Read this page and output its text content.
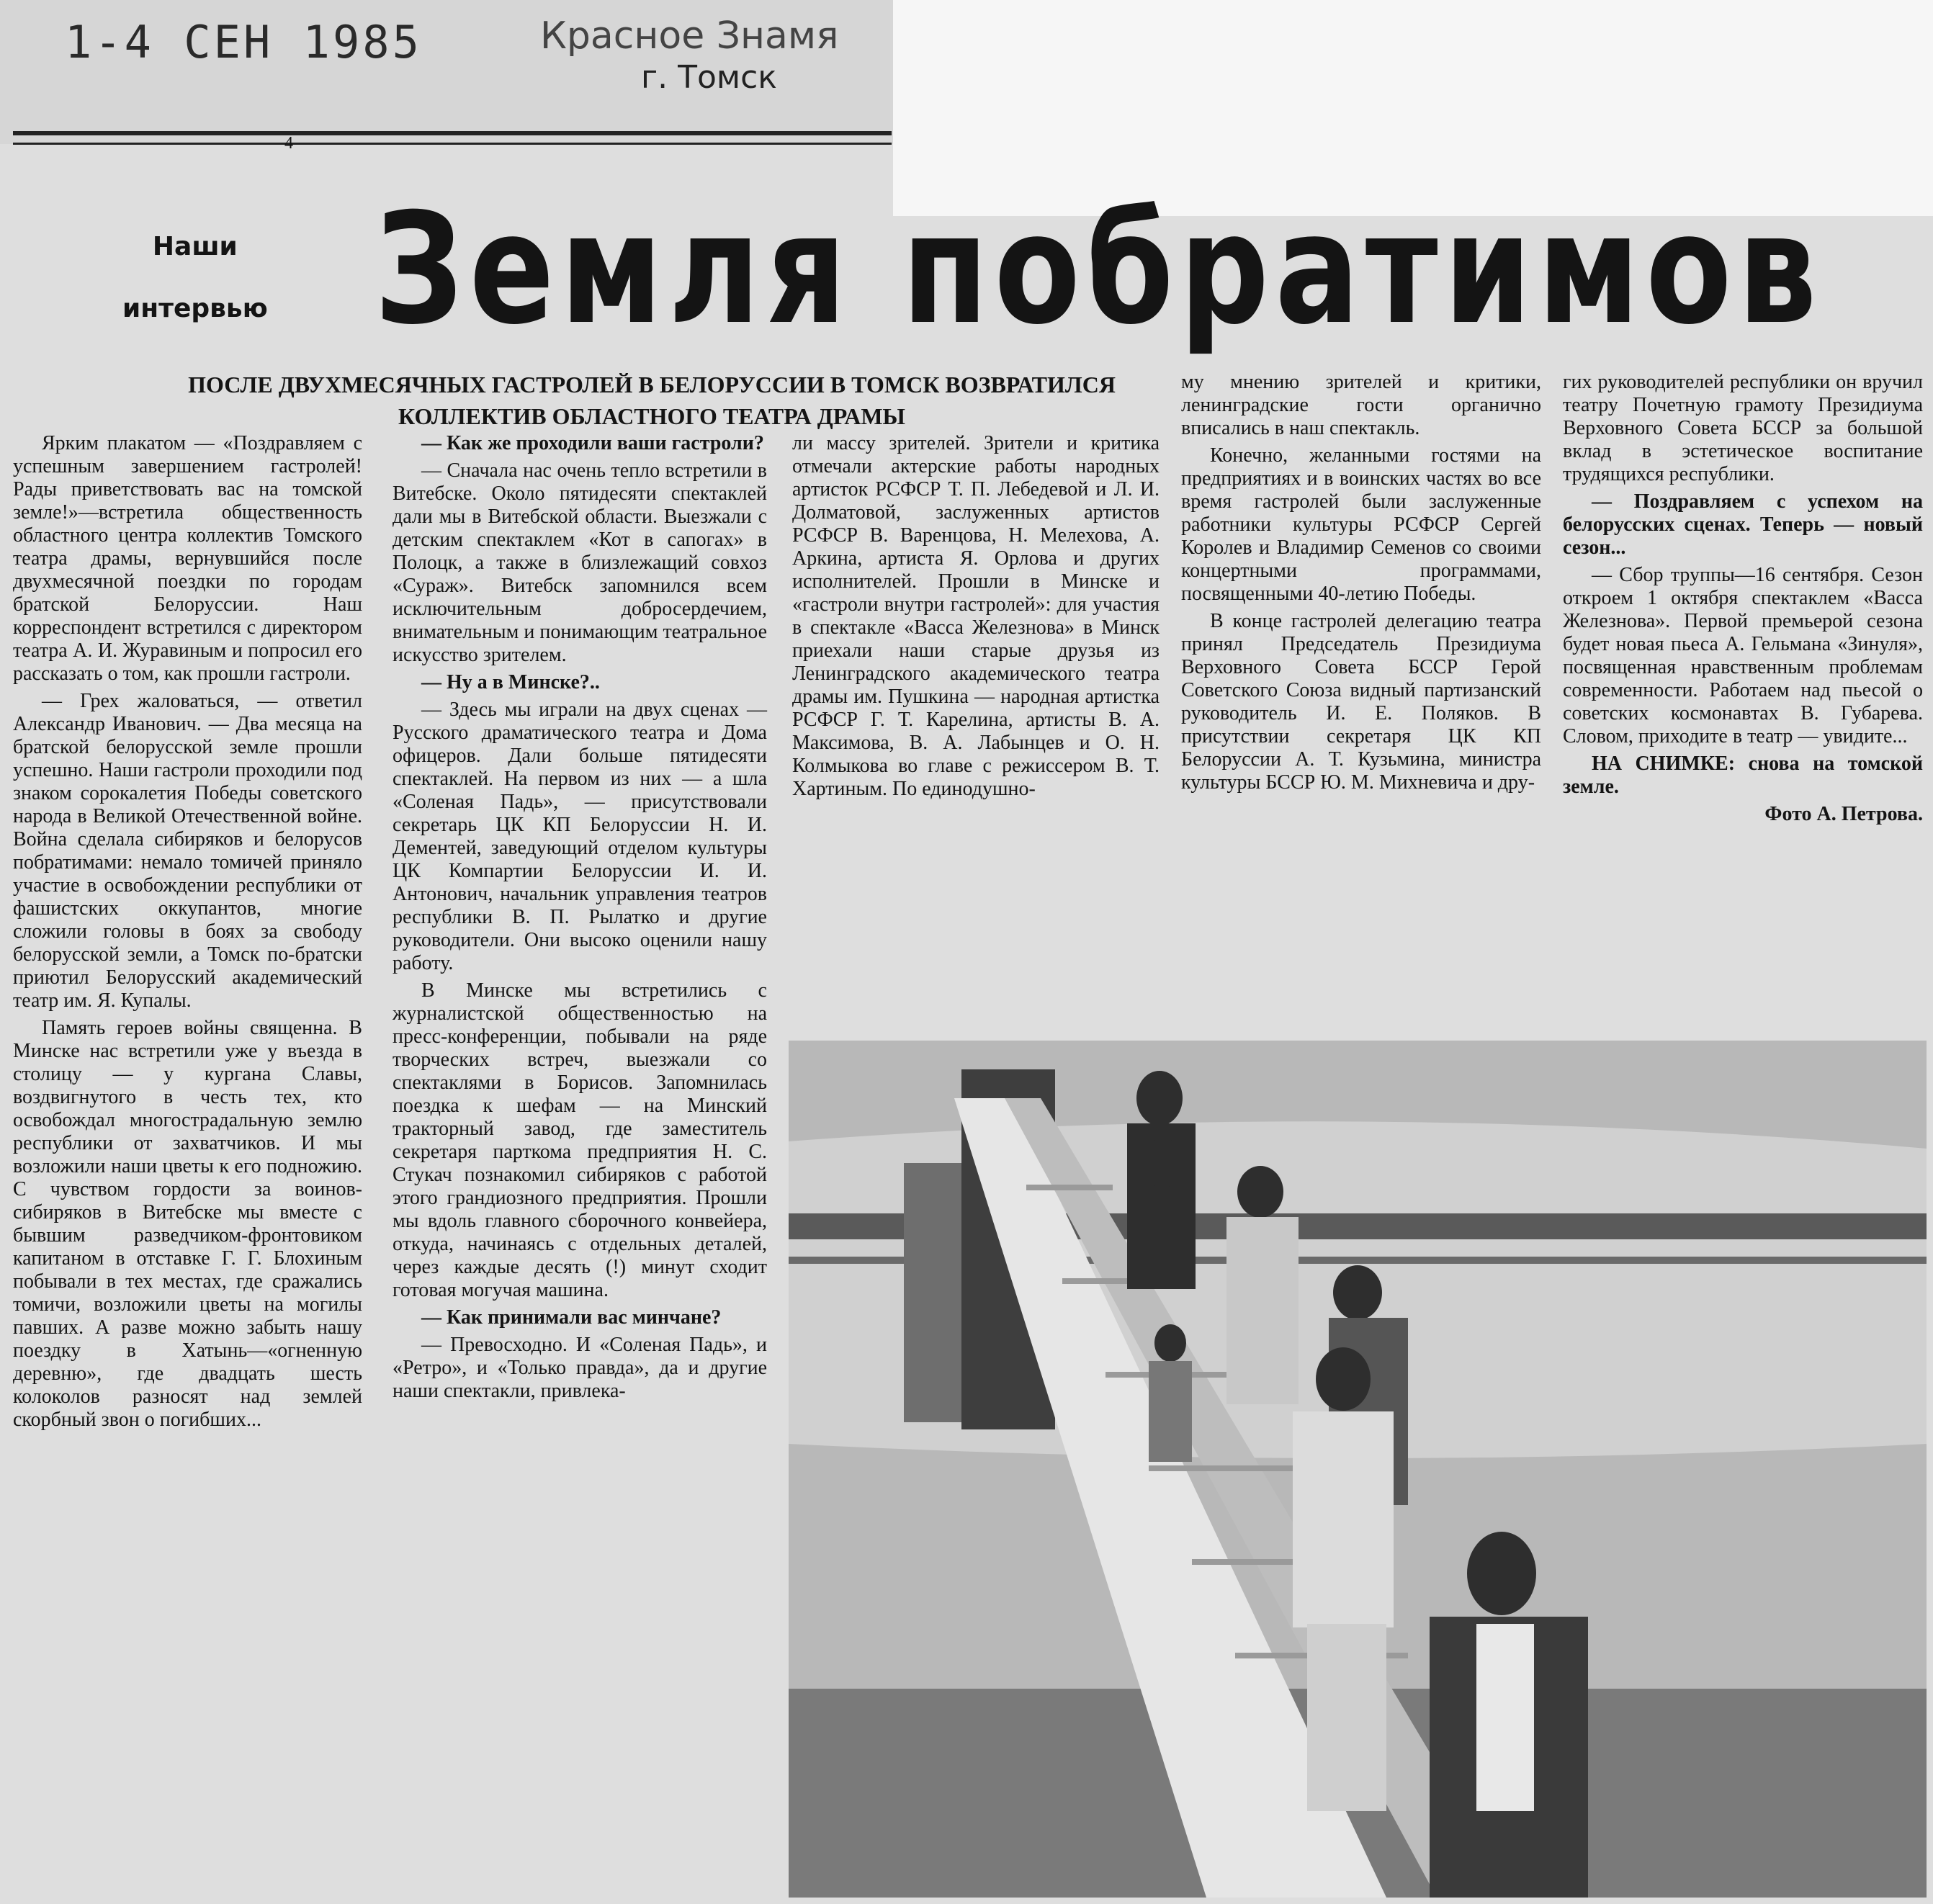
1-4 СЕН 1985	Красное Знамя
г. Томск
4
Наши
интервью Земля побратимов
ПОСЛЕ ДВУХМЕСЯЧНЫХ ГАСТРОЛЕЙ В БЕЛОРУССИИ В ТОМСК ВОЗВРАТИЛСЯ КОЛЛЕКТИВ ОБЛАСТНОГО ТЕАТРА ДРАМЫ

Ярким плакатом — «Поздравляем с успешным завершением гастролей! Рады приветствовать вас на томской земле!»—встретила общественность областного центра коллектив Томского театра драмы, вернувшийся после двухмесячной поездки по городам братской Белоруссии. Наш корреспондент встретился с директором театра А. И. Журавиным и попросил его рассказать о том, как прошли гастроли.

— Грех жаловаться, — ответил Александр Иванович. — Два месяца на братской белорусской земле прошли успешно. Наши гастроли проходили под знаком сорокалетия Победы советского народа в Великой Отечественной войне. Война сделала сибиряков и белорусов побратимами: немало томичей приняло участие в освобождении республики от фашистских оккупантов, многие сложили головы в боях за свободу белорусской земли, а Томск по-братски приютил Белорусский академический театр им. Я. Купалы.

Память героев войны священна. В Минске нас встретили уже у въезда в столицу — у кургана Славы, воздвигнутого в честь тех, кто освобождал многострадальную землю республики от захватчиков. И мы возложили наши цветы к его подножию. С чувством гордости за воинов-сибиряков в Витебске мы вместе с бывшим разведчиком-фронтовиком капитаном в отставке Г. Г. Блохиным побывали в тех местах, где сражались томичи, возложили цветы на могилы павших. А разве можно забыть нашу поездку в Хатынь—«огненную деревню», где двадцать шесть колоколов разносят над землей скорбный звон о погибших...

— Как же проходили ваши гастроли?

— Сначала нас очень тепло встретили в Витебске. Около пятидесяти спектаклей дали мы в Витебской области. Выезжали с детским спектаклем «Кот в сапогах» в Полоцк, а также в близлежащий совхоз «Сураж». Витебск запомнился всем исключительным добросердечием, внимательным и понимающим театральное искусство зрителем.

— Ну а в Минске?..

— Здесь мы играли на двух сценах — Русского драматического театра и Дома офицеров. Дали больше пятидесяти спектаклей. На первом из них — а шла «Соленая Падь», — присутствовали секретарь ЦК КП Белоруссии Н. И. Дементей, заведующий отделом культуры ЦК Компартии Белоруссии И. И. Антонович, начальник управления театров республики В. П. Рылатко и другие руководители. Они высоко оценили нашу работу.

В Минске мы встретились с журналистской общественностью на пресс-конференции, побывали на ряде творческих встреч, выезжали со спектаклями в Борисов. Запомнилась поездка к шефам — на Минский тракторный завод, где заместитель секретаря парткома предприятия Н. С. Стукач познакомил сибиряков с работой этого грандиозного предприятия. Прошли мы вдоль главного сборочного конвейера, откуда, начинаясь с отдельных деталей, через каждые десять (!) минут сходит готовая могучая машина.

— Как принимали вас минчане?

— Превосходно. И «Соленая Падь», и «Ретро», и «Только правда», да и другие наши спектакли, привлека-

ли массу зрителей. Зрители и критика отмечали актерские работы народных артисток РСФСР Т. П. Лебедевой и Л. И. Долматовой, заслуженных артистов РСФСР В. Варенцова, Н. Мелехова, А. Аркина, артиста Я. Орлова и других исполнителей. Прошли в Минске и «гастроли внутри гастролей»: для участия в спектакле «Васса Железнова» в Минск приехали наши старые друзья из Ленинградского академического театра драмы им. Пушкина — народная артистка РСФСР Г. Т. Карелина, артисты В. А. Максимова, В. А. Лабынцев и О. Н. Колмыкова во главе с режиссером В. Т. Хартиным. По единодушно-

му мнению зрителей и критики, ленинградские гости органично вписались в наш спектакль.

Конечно, желанными гостями на предприятиях и в воинских частях во все время гастролей были заслуженные работники культуры РСФСР Сергей Королев и Владимир Семенов со своими концертными программами, посвященными 40-летию Победы.

В конце гастролей делегацию театра принял Председатель Президиума Верховного Совета БССР Герой Советского Союза видный партизанский руководитель И. Е. Поляков. В присутствии секретаря ЦК КП Белоруссии А. Т. Кузьмина, министра культуры БССР Ю. М. Михневича и дру-

гих руководителей республики он вручил театру Почетную грамоту Президиума Верховного Совета БССР за большой вклад в эстетическое воспитание трудящихся республики.

— Поздравляем с успехом на белорусских сценах. Теперь — новый сезон...

— Сбор труппы—16 сентября. Сезон откроем 1 октября спектаклем «Васса Железнова». Первой премьерой сезона будет новая пьеса А. Гельмана «Зинуля», посвященная нравственным проблемам современности. Работаем над пьесой о советских космонавтах В. Губарева. Словом, приходите в театр — увидите...

НА СНИМКЕ: снова на томской земле.

Фото А. Петрова.
